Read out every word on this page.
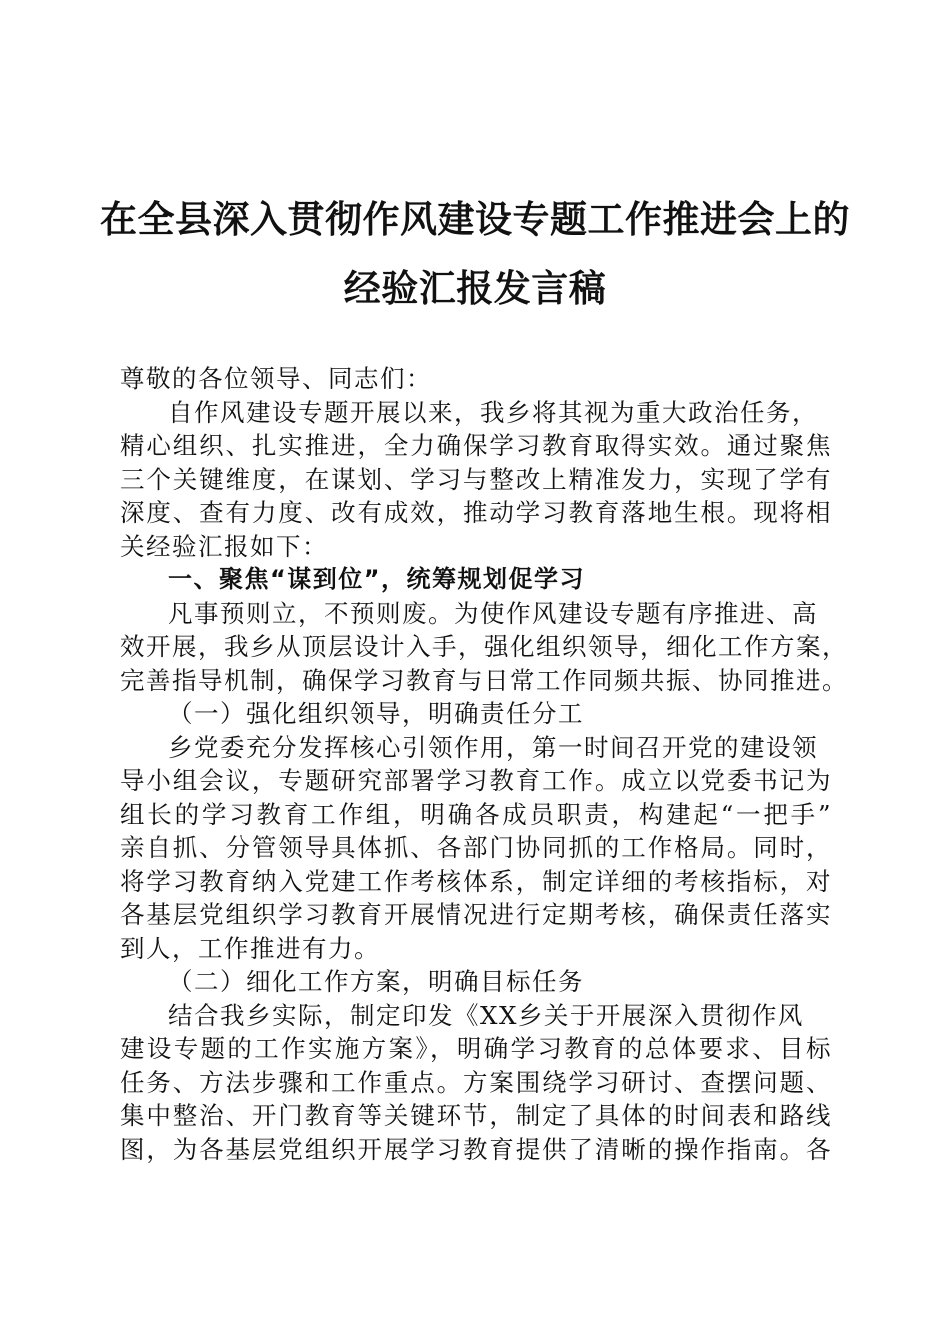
在全县深入贯彻作风建设专题工作推进会上的
经验汇报发言稿
尊敬的各位领导、同志们：
自作风建设专题开展以来，我乡将其视为重大政治任务，
精心组织、扎实推进，全力确保学习教育取得实效。通过聚焦
三个关键维度，在谋划、学习与整改上精准发力，实现了学有
深度、查有力度、改有成效，推动学习教育落地生根。现将相
关经验汇报如下：
一、聚焦“谋到位”，统筹规划促学习
凡事预则立，不预则废。为使作风建设专题有序推进、高
效开展，我乡从顶层设计入手，强化组织领导，细化工作方案，
完善指导机制，确保学习教育与日常工作同频共振、协同推进。
（一）强化组织领导，明确责任分工
乡党委充分发挥核心引领作用，第一时间召开党的建设领
导小组会议，专题研究部署学习教育工作。成立以党委书记为
组长的学习教育工作组，明确各成员职责，构建起“一把手”
亲自抓、分管领导具体抓、各部门协同抓的工作格局。同时，
将学习教育纳入党建工作考核体系，制定详细的考核指标，对
各基层党组织学习教育开展情况进行定期考核，确保责任落实
到人，工作推进有力。
（二）细化工作方案，明确目标任务
结合我乡实际，制定印发《XX乡关于开展深入贯彻作风
建设专题的工作实施方案》，明确学习教育的总体要求、目标
任务、方法步骤和工作重点。方案围绕学习研讨、查摆问题、
集中整治、开门教育等关键环节，制定了具体的时间表和路线
图，为各基层党组织开展学习教育提供了清晰的操作指南。各
